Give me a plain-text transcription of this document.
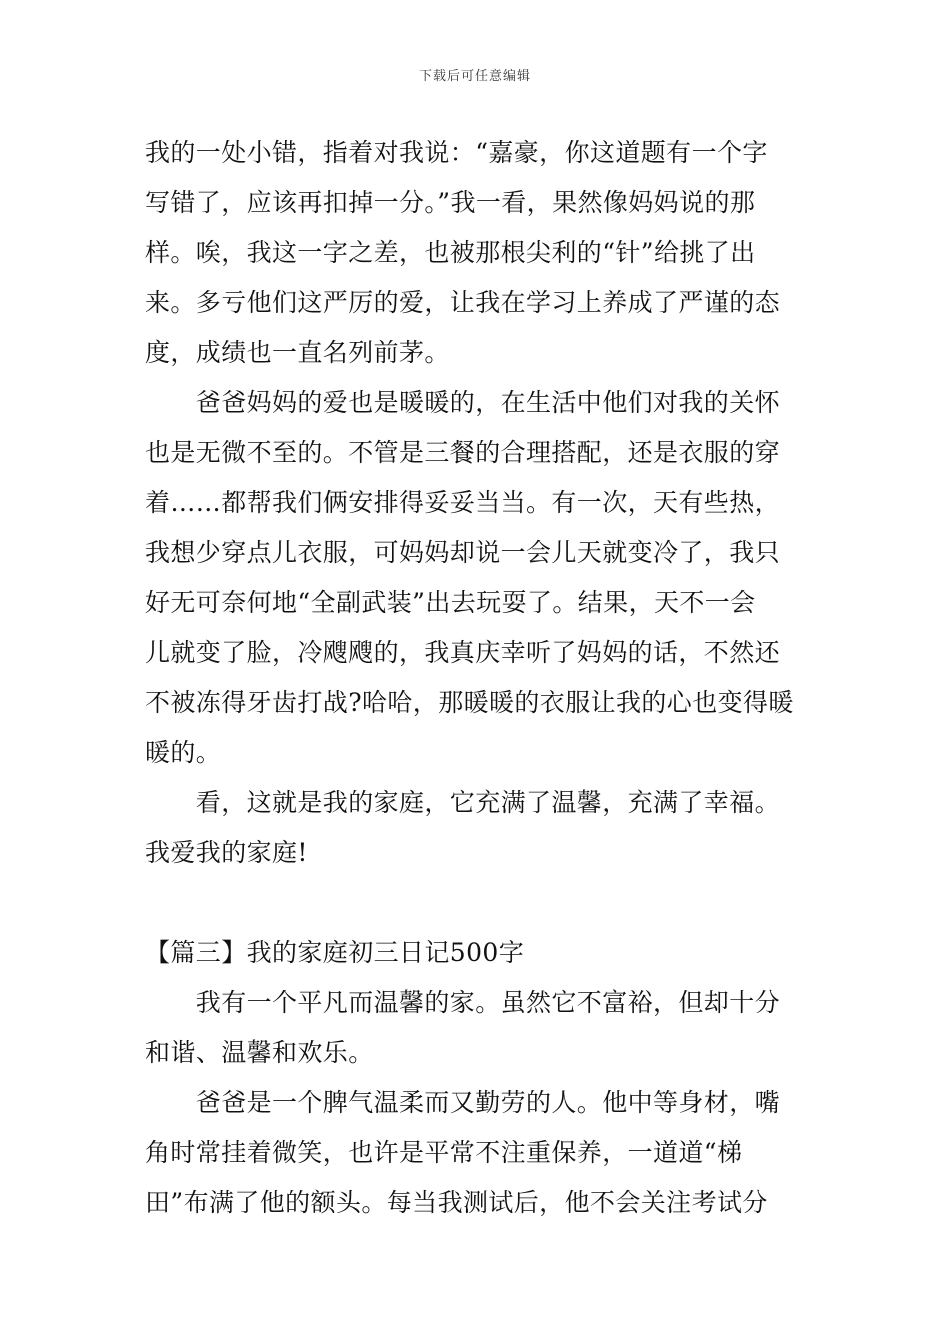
下载后可任意编辑
我的一处小错，指着对我说：“嘉豪，你这道题有一个字
写错了，应该再扣掉一分。”我一看，果然像妈妈说的那
样。唉，我这一字之差，也被那根尖利的“针”给挑了出
来。多亏他们这严厉的爱，让我在学习上养成了严谨的态
度，成绩也一直名列前茅。
　　爸爸妈妈的爱也是暖暖的，在生活中他们对我的关怀
也是无微不至的。不管是三餐的合理搭配，还是衣服的穿
着……都帮我们俩安排得妥妥当当。有一次，天有些热，
我想少穿点儿衣服，可妈妈却说一会儿天就变冷了，我只
好无可奈何地“全副武装”出去玩耍了。结果，天不一会
儿就变了脸，冷飕飕的，我真庆幸听了妈妈的话，不然还
不被冻得牙齿打战?哈哈，那暖暖的衣服让我的心也变得暖
暖的。
　　看，这就是我的家庭，它充满了温馨，充满了幸福。
我爱我的家庭!
【篇三】我的家庭初三日记500字
　　我有一个平凡而温馨的家。虽然它不富裕，但却十分
和谐、温馨和欢乐。
　　爸爸是一个脾气温柔而又勤劳的人。他中等身材，嘴
角时常挂着微笑，也许是平常不注重保养，一道道“梯
田”布满了他的额头。每当我测试后，他不会关注考试分
